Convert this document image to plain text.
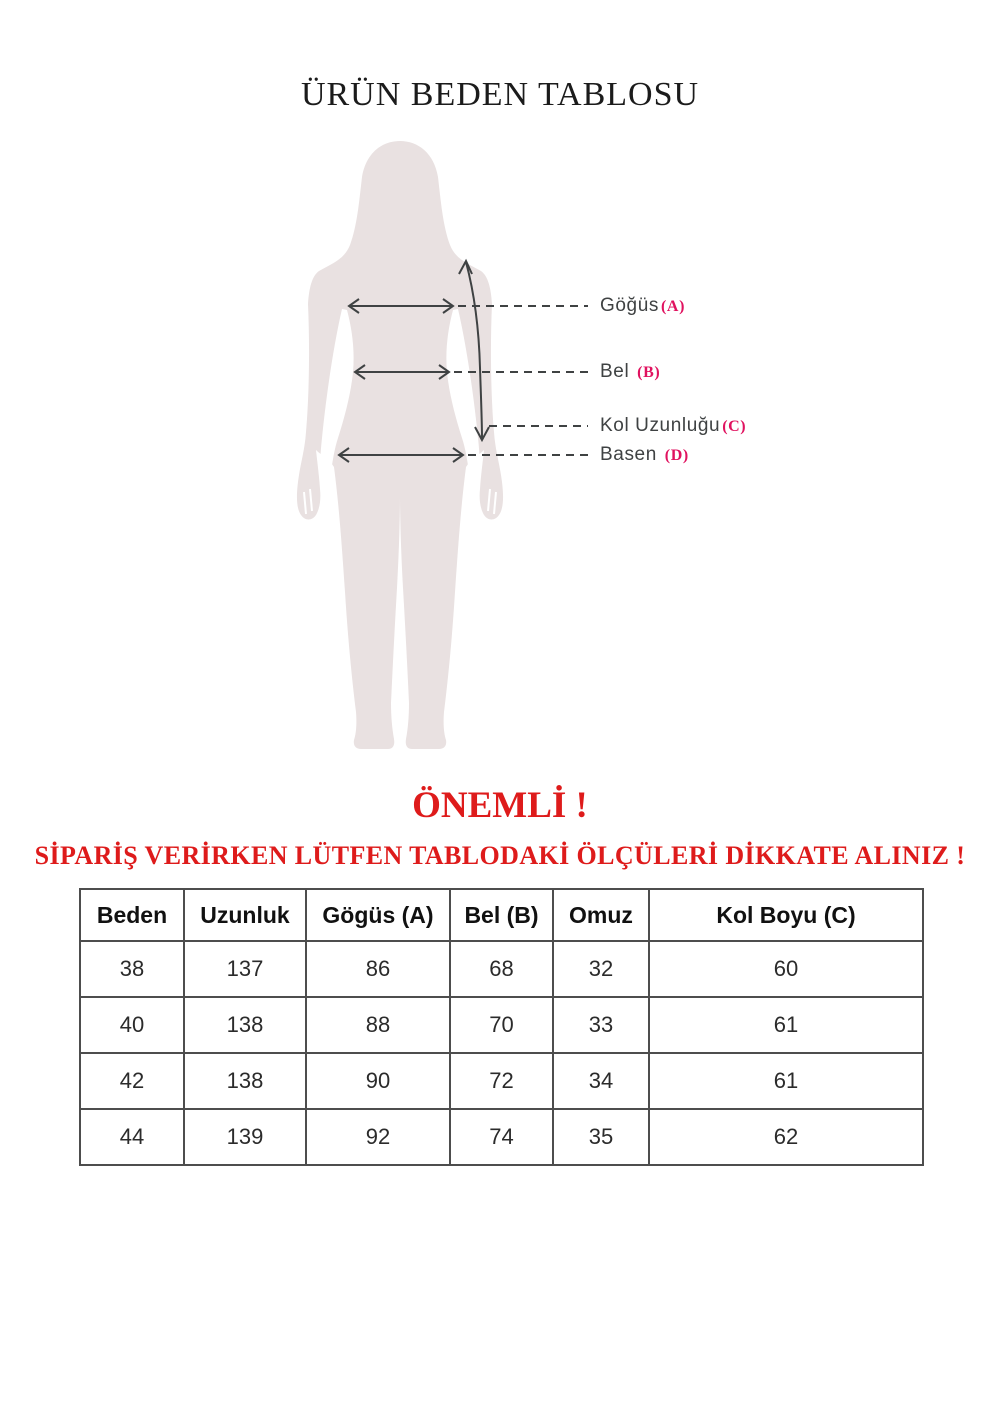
ÜRÜN BEDEN TABLOSU
Göğüs (A)
Bel (B)
Kol Uzunluğu (C)
Basen (D)
ÖNEMLİ !
SİPARİŞ VERİRKEN LÜTFEN TABLODAKİ ÖLÇÜLERİ DİKKATE ALINIZ !
Beden	Uzunluk	Gögüs (A)	Bel (B)	Omuz	Kol Boyu (C)
38	137	86	68	32	60
40	138	88	70	33	61
42	138	90	72	34	61
44	139	92	74	35	62
